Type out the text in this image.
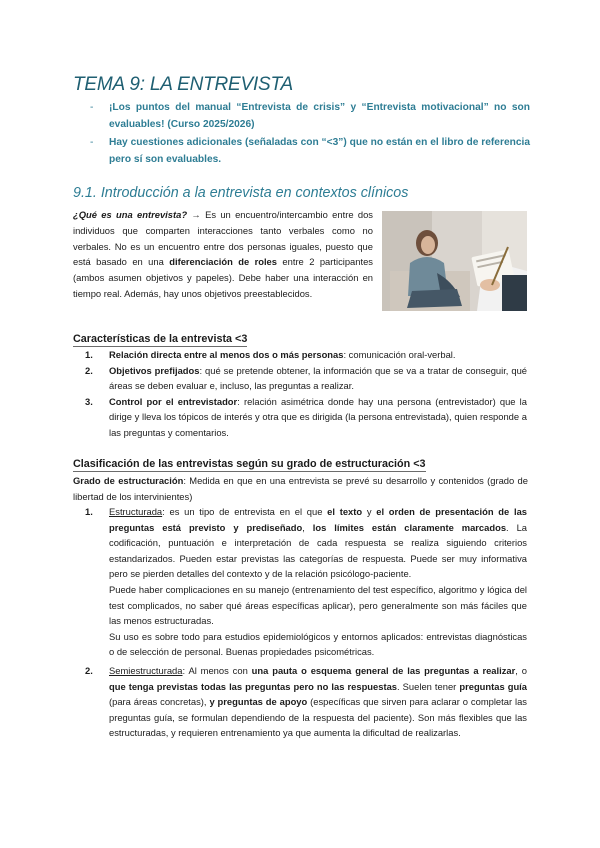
TEMA 9: LA ENTREVISTA
- ¡Los puntos del manual “Entrevista de crisis” y “Entrevista motivacional” no son evaluables! (Curso 2025/2026)
- Hay cuestiones adicionales (señaladas con “<3”) que no están en el libro de referencia pero sí son evaluables.
9.1. Introducción a la entrevista en contextos clínicos

¿Qué es una entrevista? → Es un encuentro/intercambio entre dos individuos que comparten interacciones tanto verbales como no verbales. No es un encuentro entre dos personas iguales, puesto que está basado en una diferenciación de roles entre 2 participantes (ambos asumen objetivos y papeles). Debe haber una interacción en tiempo real. Además, hay unos objetivos preestablecidos.

Características de la entrevista <3
1. Relación directa entre al menos dos o más personas: comunicación oral-verbal.
2. Objetivos prefijados: qué se pretende obtener, la información que se va a tratar de conseguir, qué áreas se deben evaluar e, incluso, las preguntas a realizar.
3. Control por el entrevistador: relación asimétrica donde hay una persona (entrevistador) que la dirige y lleva los tópicos de interés y otra que es dirigida (la persona entrevistada), quien responde a las preguntas y comentarios.
Clasificación de las entrevistas según su grado de estructuración <3

Grado de estructuración: Medida en que en una entrevista se prevé su desarrollo y contenidos (grado de libertad de los intervinientes)

1. Estructurada: es un tipo de entrevista en el que el texto y el orden de presentación de las preguntas está previsto y prediseñado, los límites están claramente marcados. La codificación, puntuación e interpretación de cada respuesta se realiza siguiendo criterios estandarizados. Pueden estar previstas las categorías de respuesta. Puede ser muy informativa pero se pierden detalles del contexto y de la relación psicólogo-paciente.
Puede haber complicaciones en su manejo (entrenamiento del test específico, algoritmo y lógica del test complicados, no saber qué áreas específicas aplicar), pero generalmente son más fáciles que las menos estructuradas.
Su uso es sobre todo para estudios epidemiológicos y entornos aplicados: entrevistas diagnósticas o de selección de personal. Buenas propiedades psicométricas.
2. Semiestructurada: Al menos con una pauta o esquema general de las preguntas a realizar, o que tenga previstas todas las preguntas pero no las respuestas. Suelen tener preguntas guía (para áreas concretas), y preguntas de apoyo (específicas que sirven para aclarar o completar las preguntas guía, se formulan dependiendo de la respuesta del paciente). Son más flexibles que las estructuradas, y requieren entrenamiento ya que aumenta la dificultad de realizarlas.
